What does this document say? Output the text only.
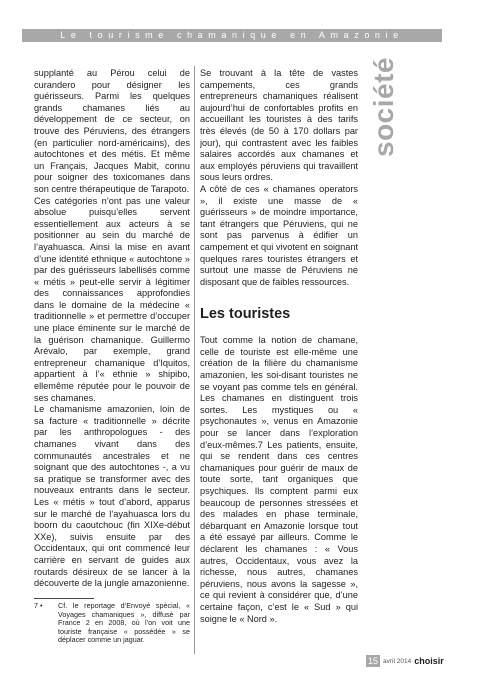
Le tourisme chamanique en Amazonie
société

supplanté au Pérou celui de curandero pour désigner les guérisseurs. Parmi les quelques grands chamanes liés au développement de ce secteur, on trouve des Péruviens, des étrangers (en particulier nord-américains), des autochtones et des métis. Et même un Français, Jacques Mabit, connu pour soigner des toxicomanes dans son centre thérapeutique de Tarapoto.

Ces catégories n’ont pas une valeur absolue puisqu’elles servent essentiellement aux acteurs à se positionner au sein du marché de l’ayahuasca. Ainsi la mise en avant d’une identité ethnique « autochtone » par des guérisseurs labellisés comme « métis » peut-elle servir à légitimer des connaissances approfondies dans le domaine de la médecine « traditionnelle » et permettre d’occuper une place éminente sur le marché de la guérison chamanique. Guillermo Arévalo, par exemple, grand entrepreneur chamanique d’Iquitos, appartient à l’« ethnie » shipibo, ellemême réputée pour le pouvoir de ses chamanes.

Le chamanisme amazonien, loin de sa facture « traditionnelle » décrite par les anthropologues - des chamanes vivant dans des communautés ancestrales et ne soignant que des autochtones -, a vu sa pratique se transformer avec des nouveaux entrants dans le secteur. Les « métis » tout d’abord, apparus sur le marché de l’ayahuasca lors du boorn du caoutchouc (fin XIXe-début XXe), suivis ensuite par des Occidentaux, qui ont commencé leur carrière en servant de guides aux routards désireux de se lancer à la découverte de la jungle amazonienne.

Se trouvant à la tête de vastes campements, ces grands entrepreneurs chamaniques réalisent aujourd’hui de confortables profits en accueillant les touristes à des tarifs très élevés (de 50 à 170 dollars par jour), qui contrastent avec les faibles salaires accordés aux chamanes et aux employés péruviens qui travaillent sous leurs ordres.

A côté de ces « chamanes operators », il existe une masse de « guérisseurs » de moindre importance, tant étrangers que Péruviens, qui ne sont pas parvenus à édifier un campement et qui vivotent en soignant quelques rares touristes étrangers et surtout une masse de Péruviens ne disposant que de faibles ressources.

Les touristes

Tout comme la notion de chamane, celle de touriste est elle-même une création de la filière du chamanisme amazonien, les soi-disant touristes ne se voyant pas comme tels en général. Les chamanes en distinguent trois sortes. Les mystiques ou « psychonautes », venus en Amazonie pour se lancer dans l’exploration d’eux-mêmes.7 Les patients, ensuite, qui se rendent dans ces centres chamaniques pour guérir de maux de toute sorte, tant organiques que psychiques. Ils comptent parmi eux beaucoup de personnes stressées et des malades en phase terminale, débarquant en Amazonie lorsque tout a été essayé par ailleurs. Comme le déclarent les chamanes : « Vous autres, Occidentaux, vous avez la richesse, nous autres, chamanes péruviens, nous avons la sagesse », ce qui revient à considérer que, d’une certaine façon, c’est le « Sud » qui soigne le « Nord ».

7 •	Cf. le reportage d’Envoyé spécial, « Voyages chamaniques », diffusé par France 2 en 2008, où l’on voit une touriste française « possédée » se déplacer comme un jaguar.
15 avril 2014 choisir
